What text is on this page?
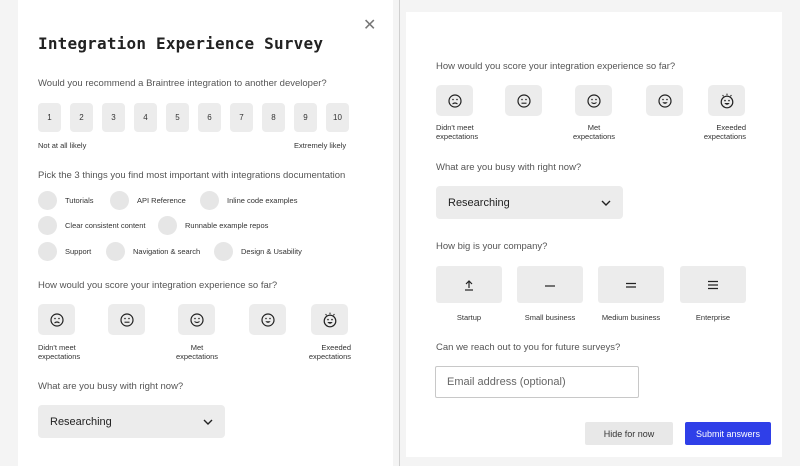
Integration Experience Survey
✕
Would you recommend a Braintree integration to another developer?
1	2	3	4	5	6	7	8	9	10
Not at all likely	Extremely likely
Pick the 3 things you find most important with integrations documentation
Tutorials	API Reference	Inline code examples
Clear consistent content	Runnable example repos
Support	Navigation & search	Design & Usability
How would you score your integration experience so far?
Didn't meet
expectations
Met
expectations
Exeeded
expectations
What are you busy with right now?
Researching
How would you score your integration experience so far?
Didn't meet
expectations
Met
expectations
Exeeded
expectations
What are you busy with right now?
Researching
How big is your company?
Startup	Small business	Medium business	Enterprise
Can we reach out to you for future surveys?
Email address (optional)
Hide for now	Submit answers
